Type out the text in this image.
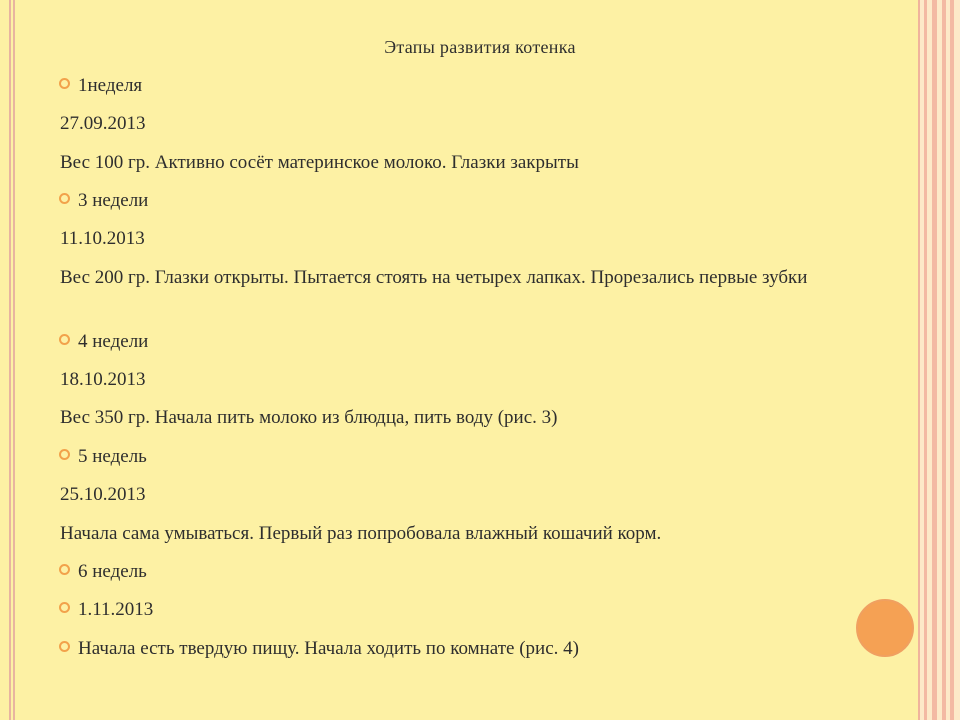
Этапы развития котенка
1неделя
27.09.2013
Вес 100 гр. Активно сосёт материнское молоко. Глазки закрыты
3 недели
11.10.2013
Вес 200 гр. Глазки открыты. Пытается стоять на четырех лапках. Прорезались первые зубки
4 недели
18.10.2013
Вес 350 гр. Начала пить молоко из блюдца, пить воду (рис. 3)
5 недель
25.10.2013
Начала сама умываться. Первый раз попробовала влажный кошачий корм.
6 недель
1.11.2013
Начала есть твердую пищу. Начала ходить по комнате (рис. 4)
